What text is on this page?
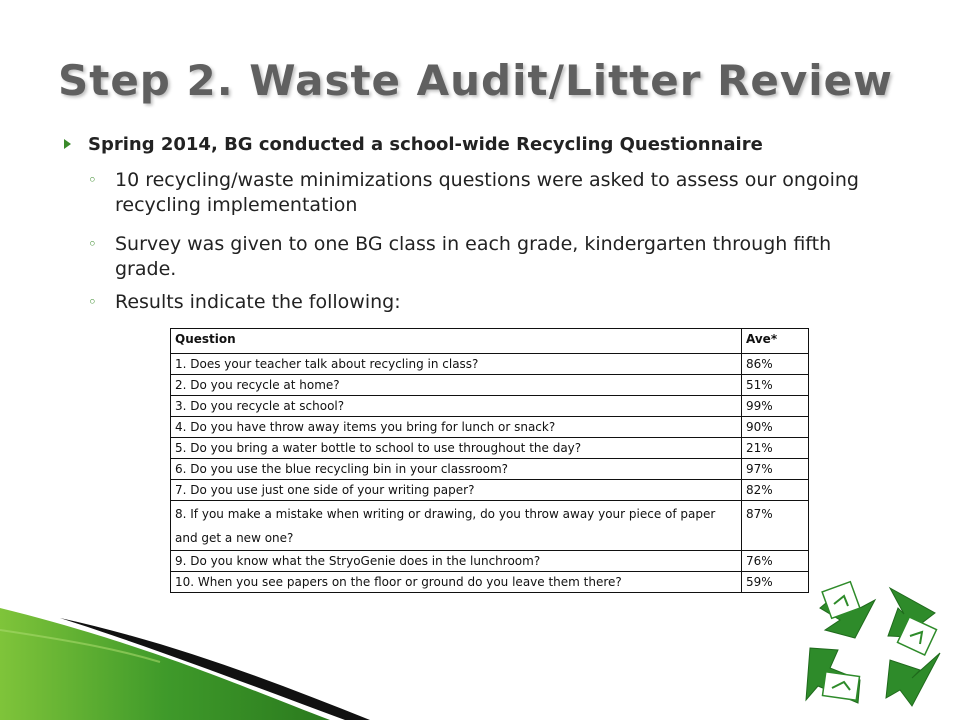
Step 2. Waste Audit/Litter Review
Spring 2014, BG conducted a school-wide Recycling Questionnaire
◦ 10 recycling/waste minimizations questions were asked to assess our ongoing recycling implementation
◦ Survey was given to one BG class in each grade, kindergarten through fifth grade.
◦ Results indicate the following:
Question	Ave*
1. Does your teacher talk about recycling in class?	86%
2. Do you recycle at home?	51%
3. Do you recycle at school?	99%
4. Do you have throw away items you bring for lunch or snack?	90%
5. Do you bring a water bottle to school to use throughout the day?	21%
6. Do you use the blue recycling bin in your classroom?	97%
7. Do you use just one side of your writing paper?	82%
8. If you make a mistake when writing or drawing, do you throw away your piece of paper and get a new one?	87%
9. Do you know what the StryoGenie does in the lunchroom?	76%
10. When you see papers on the floor or ground do you leave them there?	59%
